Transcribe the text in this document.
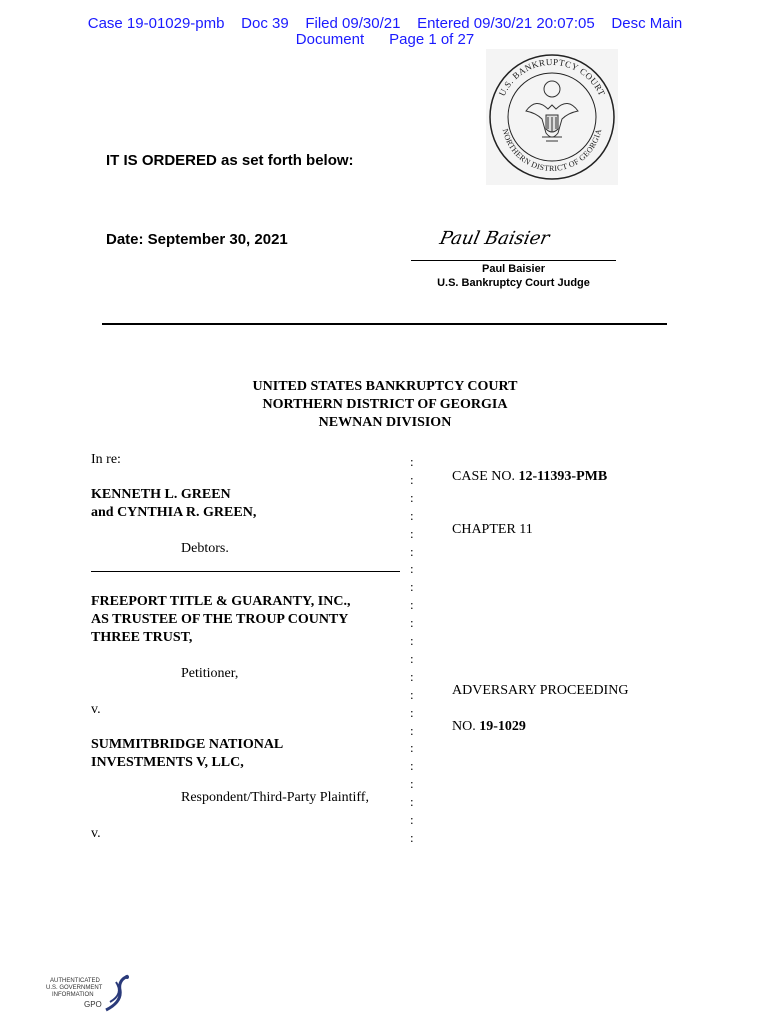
Case 19-01029-pmb    Doc 39    Filed 09/30/21    Entered 09/30/21 20:07:05    Desc Main
Document      Page 1 of 27
U.S. BANKRUPTCY COURT
NORTHERN DISTRICT OF GEORGIA
IT IS ORDERED as set forth below:
Date: September 30, 2021	Paul Baisier
Paul Baisier
U.S. Bankruptcy Court Judge
UNITED STATES BANKRUPTCY COURT
NORTHERN DISTRICT OF GEORGIA
NEWNAN DIVISION
In re:
KENNETH L. GREEN
and CYNTHIA R. GREEN,
Debtors.
FREEPORT TITLE & GUARANTY, INC.,
AS TRUSTEE OF THE TROUP COUNTY
THREE TRUST,
Petitioner,
v.
SUMMITBRIDGE NATIONAL
INVESTMENTS V, LLC,
Respondent/Third-Party Plaintiff,
v.
:
:
:
:
:
:
:
:
:
:
:
:
:
:
:
:
:
:
:
:
:
:
CASE NO. 12-11393-PMB
CHAPTER 11
ADVERSARY PROCEEDING
NO. 19-1029
AUTHENTICATED
U.S. GOVERNMENT
INFORMATION
GPO
